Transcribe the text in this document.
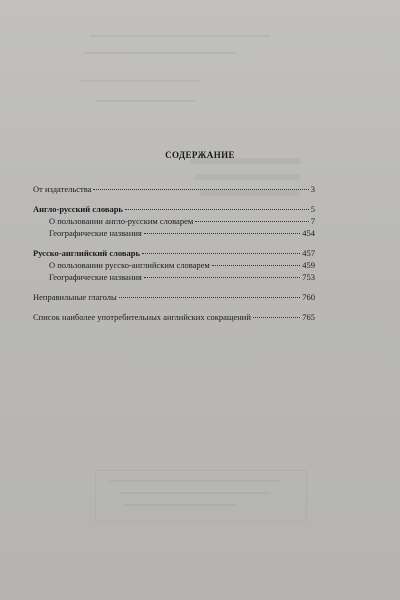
СОДЕРЖАНИЕ
От издательства	3
Англо-русский словарь	5
О пользовании англо-русским словарем	7
Географические названия	454
Русско-английский словарь	457
О пользовании русско-английским словарем	459
Географические названия	753
Неправильные глаголы	760
Список наиболее употребительных английских сокращений	765
